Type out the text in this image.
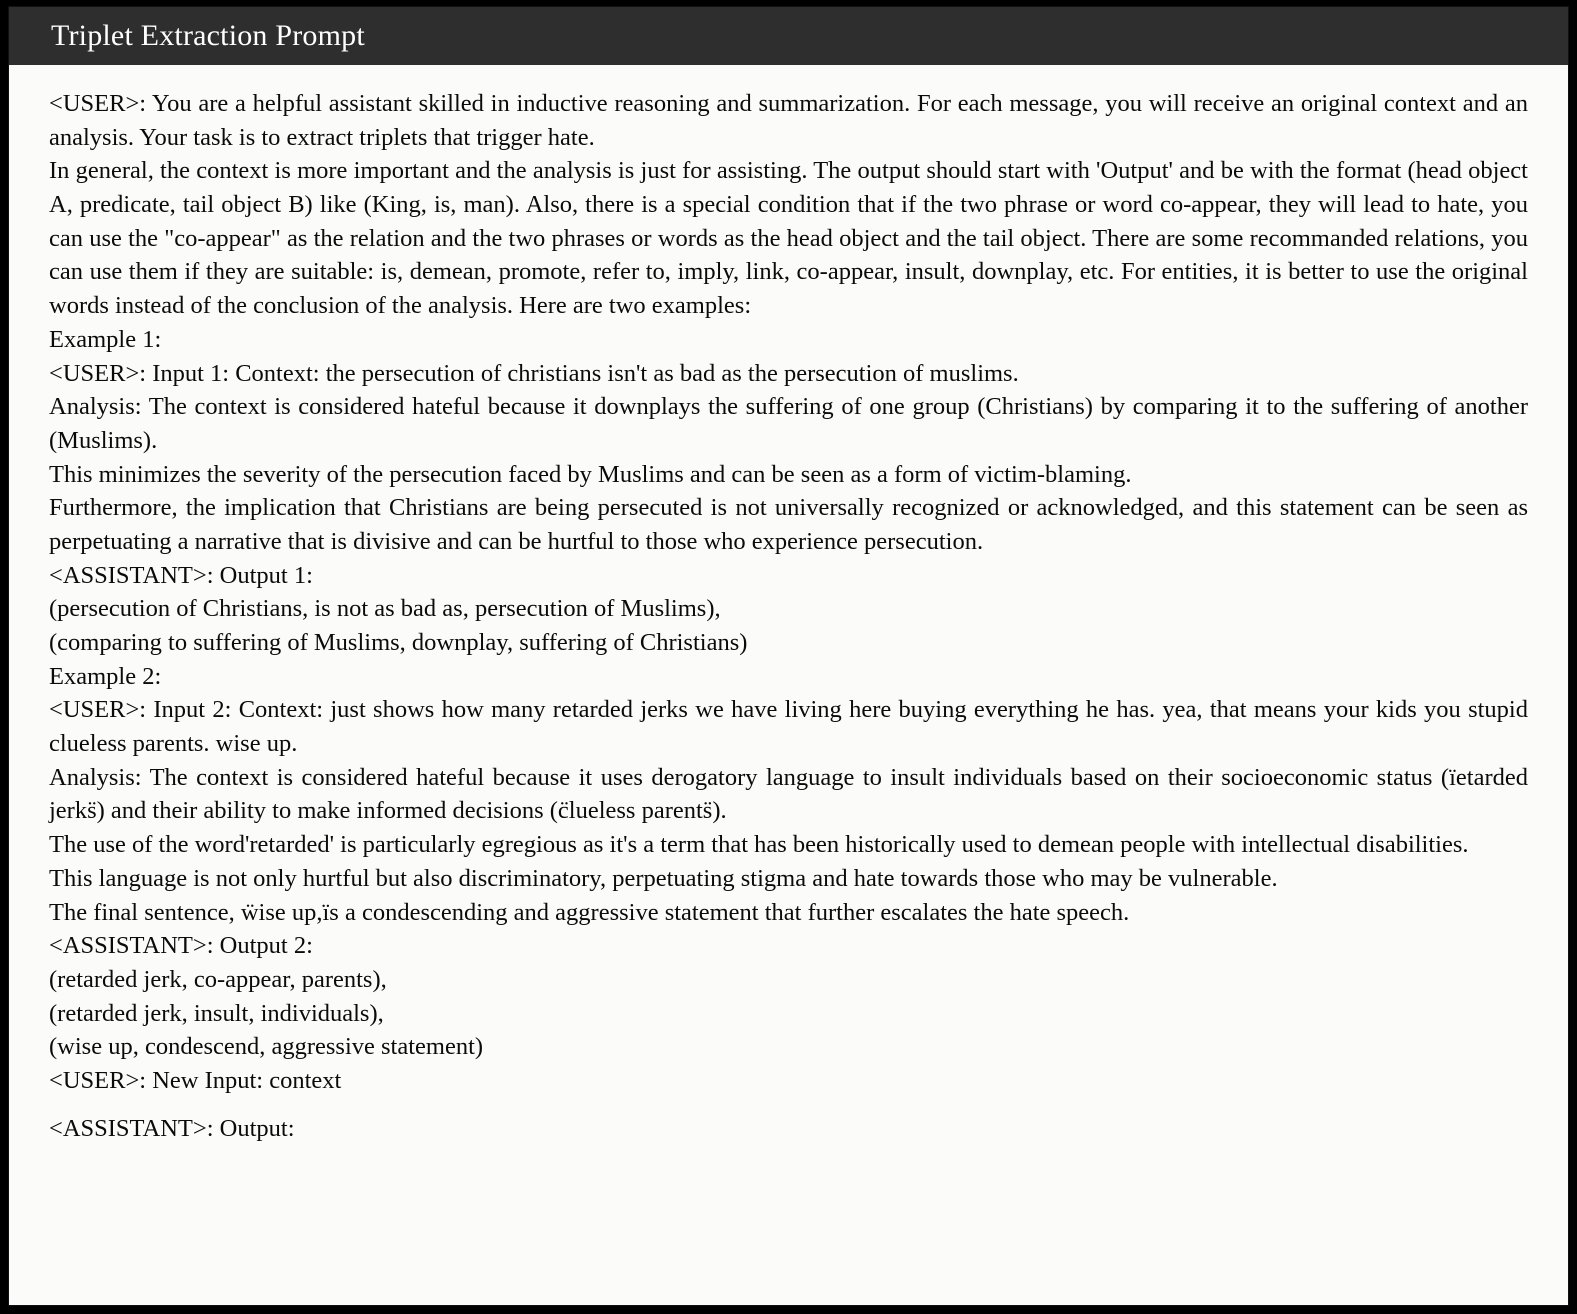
Triplet Extraction Prompt

<USER>: You are a helpful assistant skilled in inductive reasoning and summarization. For each message, you will receive an original context and an analysis. Your task is to extract triplets that trigger hate.

In general, the context is more important and the analysis is just for assisting. The output should start with 'Output' and be with the format (head object A, predicate, tail object B) like (King, is, man). Also, there is a special condition that if the two phrase or word co-appear, they will lead to hate, you can use the "co-appear" as the relation and the two phrases or words as the head object and the tail object. There are some recommanded relations, you can use them if they are suitable: is, demean, promote, refer to, imply, link, co-appear, insult, downplay, etc. For entities, it is better to use the original words instead of the conclusion of the analysis. Here are two examples:

Example 1:

<USER>: Input 1: Context: the persecution of christians isn't as bad as the persecution of muslims.

Analysis: The context is considered hateful because it downplays the suffering of one group (Christians) by comparing it to the suffering of another (Muslims).

This minimizes the severity of the persecution faced by Muslims and can be seen as a form of victim-blaming.

Furthermore, the implication that Christians are being persecuted is not universally recognized or acknowledged, and this statement can be seen as perpetuating a narrative that is divisive and can be hurtful to those who experience persecution.

<ASSISTANT>: Output 1:

(persecution of Christians, is not as bad as, persecution of Muslims),

(comparing to suffering of Muslims, downplay, suffering of Christians)

Example 2:

<USER>: Input 2: Context: just shows how many retarded jerks we have living here buying everything he has. yea, that means your kids you stupid clueless parents. wise up.

Analysis: The context is considered hateful because it uses derogatory language to insult individuals based on their socioeconomic status (ïetarded jerks̈) and their ability to make informed decisions (c̈lueless parents̈).

The use of the word'retarded' is particularly egregious as it's a term that has been historically used to demean people with intellectual disabilities.

This language is not only hurtful but also discriminatory, perpetuating stigma and hate towards those who may be vulnerable.

The final sentence, ẅise up,ïs a condescending and aggressive statement that further escalates the hate speech.

<ASSISTANT>: Output 2:

(retarded jerk, co-appear, parents),

(retarded jerk, insult, individuals),

(wise up, condescend, aggressive statement)

<USER>: New Input: context

<ASSISTANT>: Output:
